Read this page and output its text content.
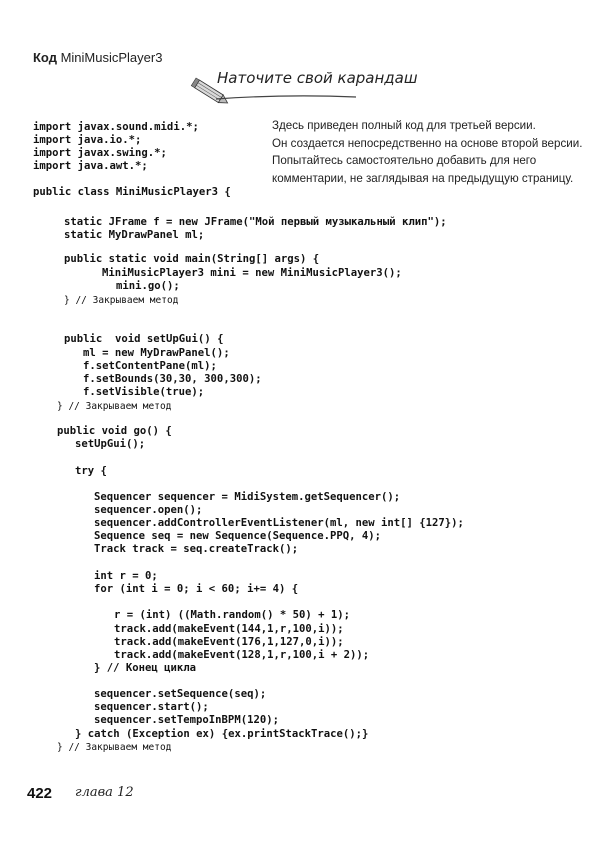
Код MiniMusicPlayer3
Наточите свой карандаш
Здесь приведен полный код для третьей версии.
Он создается непосредственно на основе второй версии.
Попытайтесь самостоятельно добавить для него
комментарии, не заглядывая на предыдущую страницу.
import javax.sound.midi.*;
import java.io.*;
import javax.swing.*;
import java.awt.*;
public class MiniMusicPlayer3 {
static JFrame f = new JFrame("Мой первый музыкальный клип");
static MyDrawPanel ml;
public static void main(String[] args) {
MiniMusicPlayer3 mini = new MiniMusicPlayer3();
mini.go();
} // Закрываем метод
public  void setUpGui() {
ml = new MyDrawPanel();
f.setContentPane(ml);
f.setBounds(30,30, 300,300);
f.setVisible(true);
} // Закрываем метод
public void go() {
setUpGui();
try {
Sequencer sequencer = MidiSystem.getSequencer();
sequencer.open();
sequencer.addControllerEventListener(ml, new int[] {127});
Sequence seq = new Sequence(Sequence.PPQ, 4);
Track track = seq.createTrack();
int r = 0;
for (int i = 0; i < 60; i+= 4) {
r = (int) ((Math.random() * 50) + 1);
track.add(makeEvent(144,1,r,100,i));
track.add(makeEvent(176,1,127,0,i));
track.add(makeEvent(128,1,r,100,i + 2));
} // Конец цикла
sequencer.setSequence(seq);
sequencer.start();
sequencer.setTempoInBPM(120);
} catch (Exception ex) {ex.printStackTrace();}
} // Закрываем метод
422 глава 12
